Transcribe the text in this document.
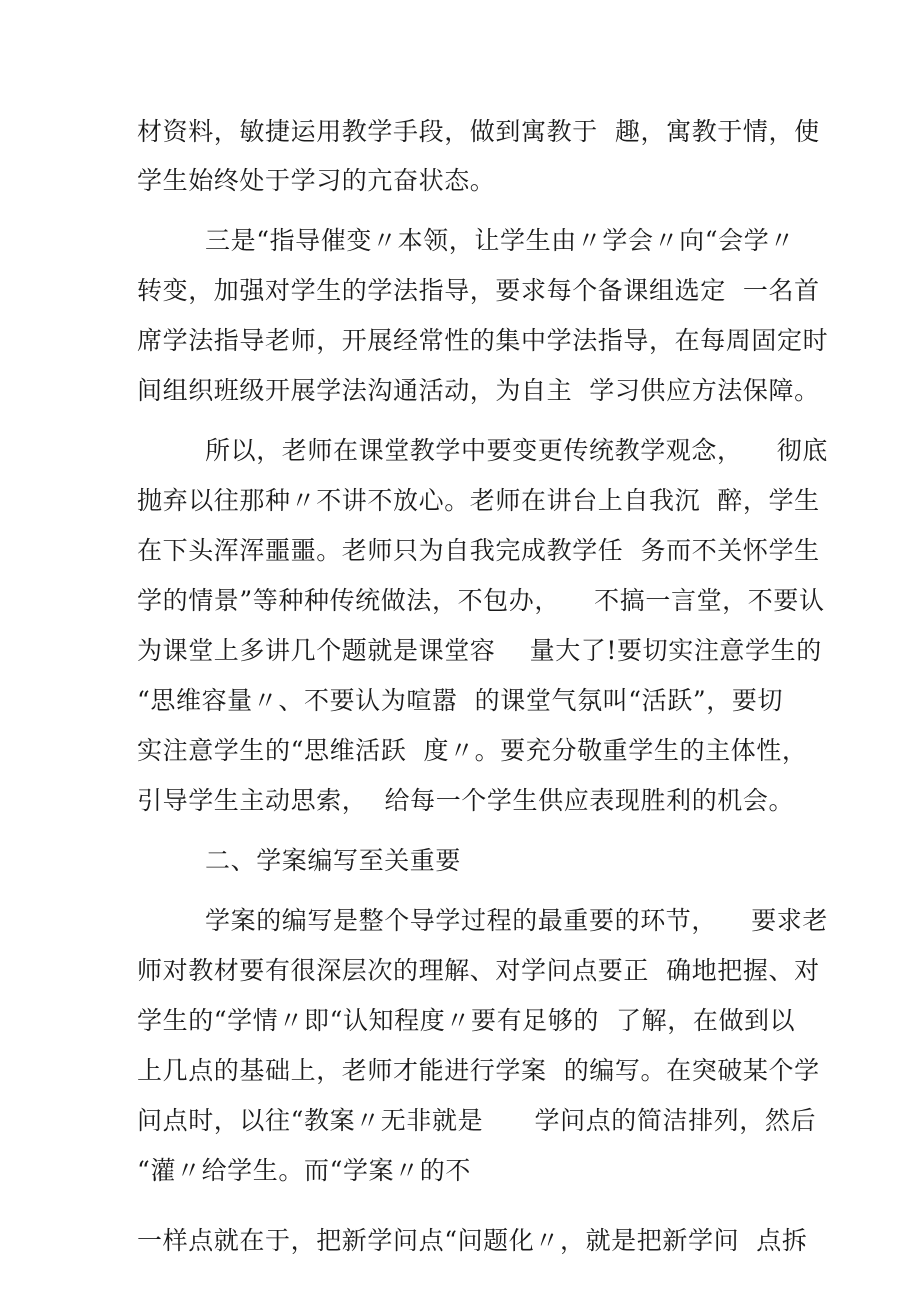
材资料，敏捷运用教学手段，做到寓教于  趣，寓教于情，使
学生始终处于学习的亢奋状态。
三是“指导催变〃本领，让学生由〃学会〃向“会学〃
转变，加强对学生的学法指导，要求每个备课组选定  一名首
席学法指导老师，开展经常性的集中学法指导，在每周固定时
间组织班级开展学法沟通活动，为自主  学习供应方法保障。
所以，老师在课堂教学中要变更传统教学观念，    彻底
抛弃以往那种〃不讲不放心。老师在讲台上自我沉  醉，学生
在下头浑浑噩噩。老师只为自我完成教学任  务而不关怀学生
学的情景”等种种传统做法，不包办，    不搞一言堂，不要认
为课堂上多讲几个题就是课堂容    量大了!要切实注意学生的
“思维容量〃、不要认为喧嚣  的课堂气氛叫“活跃”，要切
实注意学生的“思维活跃  度〃。要充分敬重学生的主体性，
引导学生主动思索，  给每一个学生供应表现胜利的机会。
二、学案编写至关重要
学案的编写是整个导学过程的最重要的环节，    要求老
师对教材要有很深层次的理解、对学问点要正  确地把握、对
学生的“学情〃即“认知程度〃要有足够的  了解，在做到以
上几点的基础上，老师才能进行学案  的编写。在突破某个学
问点时，以往“教案〃无非就是      学问点的简洁排列，然后
“灌〃给学生。而“学案〃的不
一样点就在于，把新学问点“问题化〃，就是把新学问  点拆
